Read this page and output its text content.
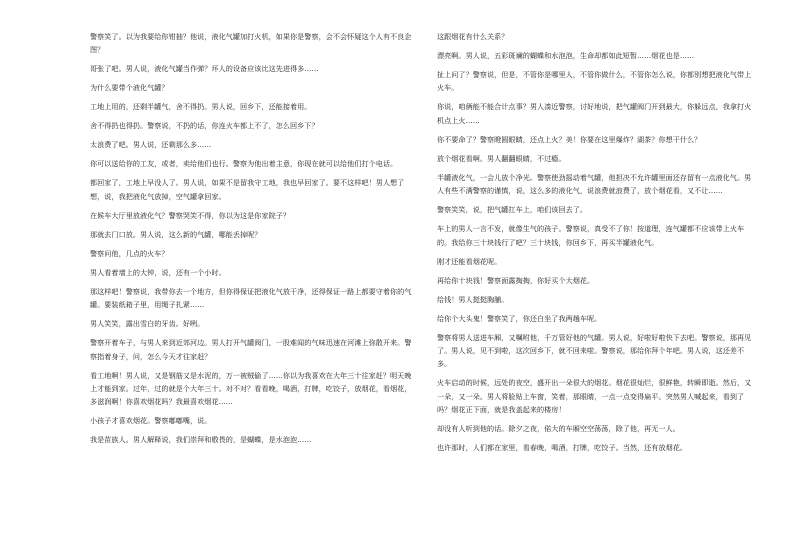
警察笑了。以为我要给你钳抽？他说，液化气罐加打火机，如果你是警察，会不会怀疑这个人有不良企图？

哥张了吧。男人说，液化气罐当作弹？坏人的设备应该比这先进得多……

为什么要带个液化气罐？

工地上用的，还剩半罐气，舍不得扔。男人说，回乡下，还能接着用。

舍不得扔也得扔。警察说，不扔的话，你连火车都上不了，怎么回乡下？

太浪费了吧。男人说，还剩那么多……

你可以送给你的工友，或者，卖给他们也行。警察为他出着主意，你现在就可以给他们打个电话。

都回家了，工地上早没人了。男人说，如果不是留我守工地，我也早回家了。要不这样吧！男人想了想，说，我把液化气放掉，空气罐拿回家。

在候车大厅里放液化气？警察哭笑不得，你以为这是你家院子？

那就去门口放。男人说，这么新的气罐，哪能丢掉呢？

警察问他，几点的火车？

男人看着墙上的大钟，说，还有一个小时。

那这样吧！警察说，我带你去一个地方，但你得保证把液化气放干净，还得保证一路上都要守着你的气罐。要装纸箱子里，用绳子扎紧……

男人笑笑，露出雪白的牙齿。好咧。

警察开着车子，与男人来到近郊河边。男人打开气罐阀门，一股难闻的气味迅速在河滩上弥散开来。警察指着身子，问，怎么今天才往家赶？

看工地啊！男人说，又是钢筋又是水泥的，万一被贼偷了……你以为我喜欢在大年三十往家赶？明天晚上才能到家。过年，过的就是个大年三十。对不对？看看晚，喝酒，打牌，吃饺子，放烟花，看烟花，多滋润啊！你喜欢烟花吗？我最喜欢烟花……

小孩子才喜欢烟花。警察嘟嘟嘴，说。

我是苗族人。男人解释说，我们崇拜和敬畏的，是蝴蝶，是水泡泡……

这跟烟花有什么关系？

漂亮啊。男人说，五彩斑斓的蝴蝶和水泡泡，生命却都如此短暂……烟花也是……

扯上问了？警察说，但是，不管你是哪里人，不管你做什么，不管你怎么说，你都别想把液化气带上火车。

你说，咱俩能不能合计点事？男人凑近警察，讨好地说，把气罐阀门开到最大，你躲远点，我拿打火机点上火……

你不要命了？警察瞪圆眼睛，还点上火？美！你要在这里爆炸？湖茶？你想干什么？

放个烟花看啊。男人翻翻眼睛，不过瘾。

半罐液化气，一会儿放个净光。警察使劲摇动着气罐，他担决不允许罐里面还存留有一点液化气。男人有些不满警察的谨慎，说，这么多的液化气，说浪费就浪费了，放个烟花看，又不让……

警察笑笑，说，把气罐扛车上，咱们该回去了。

车上的男人一言不发，就像生气的孩子。警察说，真受不了你！按道理，连气罐都不应该带上火车的。我给你三十块钱行了吧？三十块钱，你回乡下，再买半罐液化气。

刚才还能看烟花呢。

再给你十块钱！警察面露掏掏，你好买个大烟花。

给钱！男人挺挺胸脯。

给你个大头鬼！警察笑了，你还白坐了我两趟车呢。

警察将男人送进车厢，又嘱咐他，千万管好他的气罐。男人说，好啦好啦快下去吧。警察说，那再见了。男人说，见不到啦，这次回乡下，就不回来啦。警察说，那给你拜个年吧。男人说，这还差不多。

火车启动的时候，远处的夜空，盛开出一朵很大的烟花。烟花很灿烂，很鲜艳，转瞬即逝。然后，又一朵，又一朵。男人将脸贴上车窗，笑着，那眼睛，一点一点变得扁平。突然男人喊起来，看到了吗？烟花正下面，就是我盖起来的楼房！

却没有人听到他的话。除夕之夜，偌大的车厢空空荡荡，除了他，再无一人。

也许那时，人们都在家里，看春晚，喝酒，打牌，吃饺子。当然，还有放烟花。
